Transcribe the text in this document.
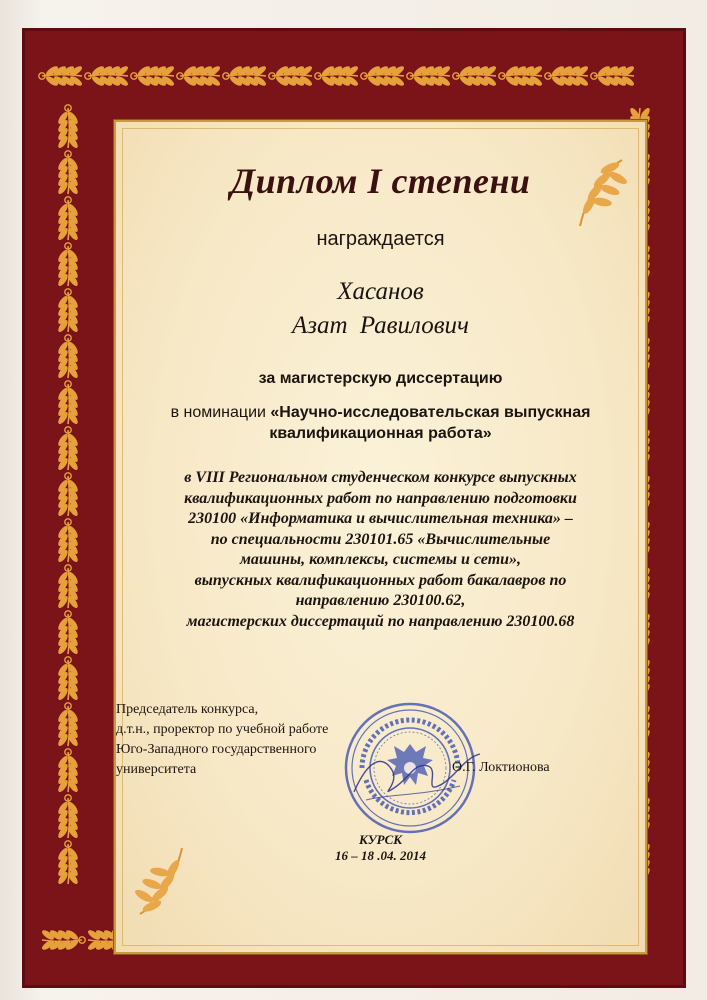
Диплом I степени
награждается
Хасанов
Азат Равилович
за магистерскую диссертацию
в номинации «Научно-исследовательская выпускная
квалификационная работа»
в VIII Региональном студенческом конкурсе выпускных
квалификационных работ по направлению подготовки
230100 «Информатика и вычислительная техника» –
по специальности 230101.65 «Вычислительные
машины, комплексы, системы и сети»,
выпускных квалификационных работ бакалавров по
направлению 230100.62,
магистерских диссертаций по направлению 230100.68
Председатель конкурса,
д.т.н., проректор по учебной работе
Юго-Западного государственного
университета	О.Г. Локтионова
КУРСК
16 – 18 .04. 2014
